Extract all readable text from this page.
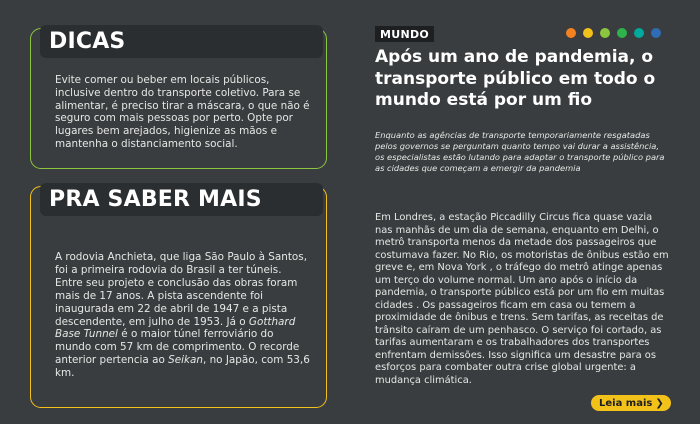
DICAS
Evite comer ou beber em locais públicos, inclusive dentro do transporte coletivo. Para se alimentar, é preciso tirar a máscara, o que não é seguro com mais pessoas por perto. Opte por lugares bem arejados, higienize as mãos e mantenha o distanciamento social.
PRA SABER MAIS
A rodovia Anchieta, que liga São Paulo à Santos, foi a primeira rodovia do Brasil a ter túneis. Entre seu projeto e conclusão das obras foram mais de 17 anos. A pista ascendente foi inaugurada em 22 de abril de 1947 e a pista descendente, em julho de 1953. Já o Gotthard Base Tunnel é o maior túnel ferroviário do mundo com 57 km de comprimento. O recorde anterior pertencia ao Seikan, no Japão, com 53,6 km.
MUNDO
Após um ano de pandemia, o transporte público em todo o mundo está por um fio
Enquanto as agências de transporte temporariamente resgatadas pelos governos se perguntam quanto tempo vai durar a assistência, os especialistas estão lutando para adaptar o transporte público para as cidades que começam a emergir da pandemia
Em Londres, a estação Piccadilly Circus fica quase vazia nas manhãs de um dia de semana, enquanto em Delhi, o metrô transporta menos da metade dos passageiros que costumava fazer. No Rio, os motoristas de ônibus estão em greve e, em Nova York , o tráfego do metrô atinge apenas um terço do volume normal. Um ano após o início da pandemia, o transporte público está por um fio em muitas cidades . Os passageiros ficam em casa ou temem a proximidade de ônibus e trens. Sem tarifas, as receitas de trânsito caíram de um penhasco. O serviço foi cortado, as tarifas aumentaram e os trabalhadores dos transportes enfrentam demissões. Isso significa um desastre para os esforços para combater outra crise global urgente: a mudança climática.
Leia mais ❯
